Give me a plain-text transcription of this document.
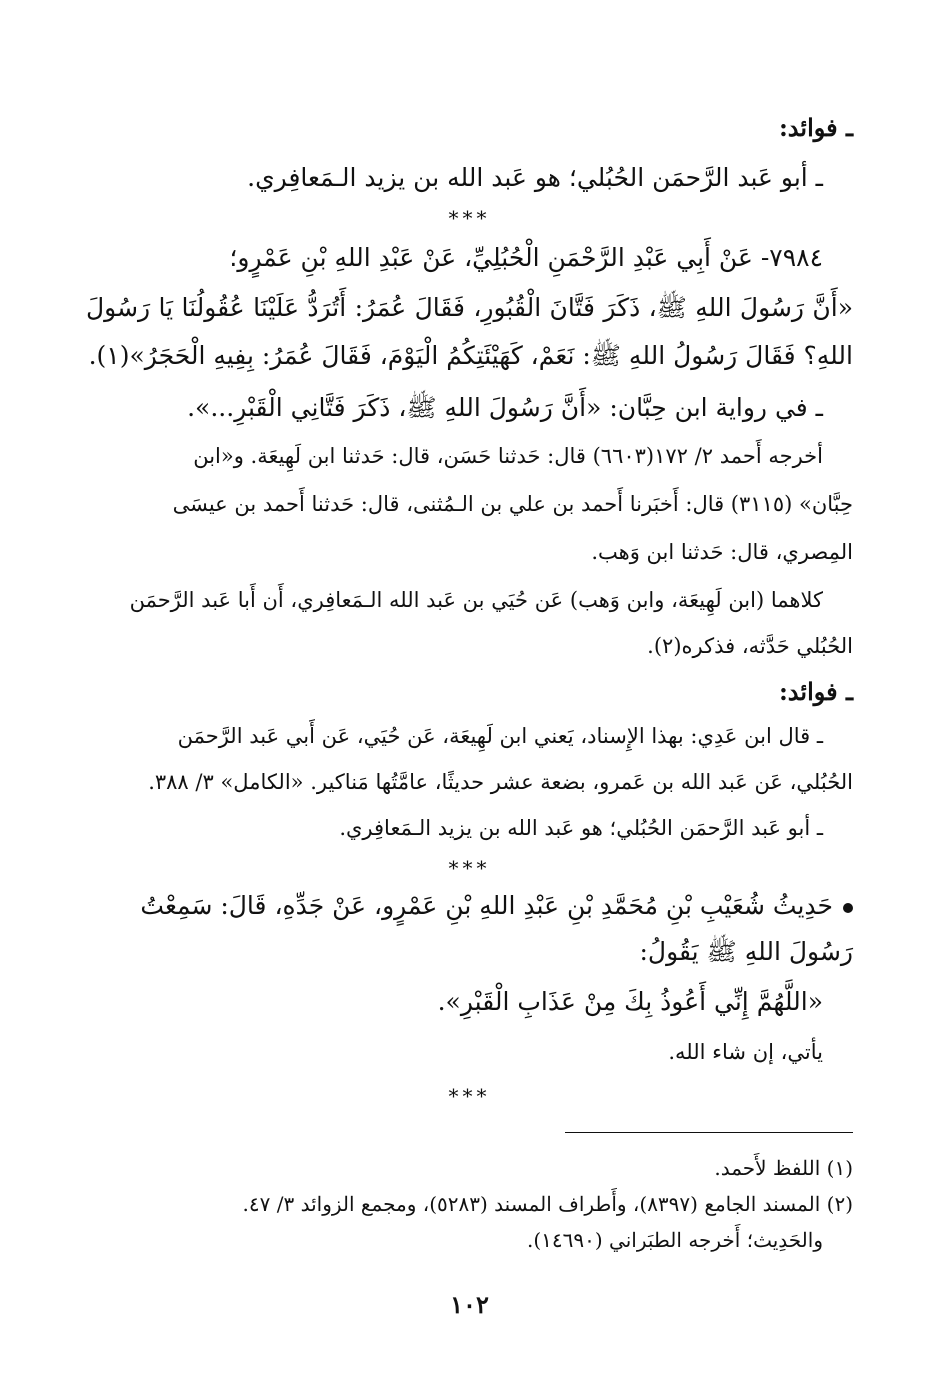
ـ فوائد:
ـ أبو عَبد الرَّحمَن الحُبُلي؛ هو عَبد الله بن يزيد الـمَعافِري.
***
٧٩٨٤- عَنْ أَبِي عَبْدِ الرَّحْمَنِ الْحُبُلِيِّ، عَنْ عَبْدِ اللهِ بْنِ عَمْرٍو؛
«أَنَّ رَسُولَ اللهِ ﷺ، ذَكَرَ فَتَّانَ الْقُبُورِ، فَقَالَ عُمَرُ: أَتُرَدُّ عَلَيْنَا عُقُولُنَا يَا رَسُولَ
اللهِ؟ فَقَالَ رَسُولُ اللهِ ﷺ: نَعَمْ، كَهَيْئَتِكُمُ الْيَوْمَ، فَقَالَ عُمَرُ: بِفِيهِ الْحَجَرُ»(١).
ـ في رواية ابن حِبَّان: «أَنَّ رَسُولَ اللهِ ﷺ، ذَكَرَ فَتَّانِي الْقَبْرِ...».
أخرجه أَحمد ٢/ ١٧٢(٦٦٠٣) قال: حَدثنا حَسَن، قال: حَدثنا ابن لَهِيعَة. و«ابن
حِبَّان» (٣١١٥) قال: أَخبَرنا أَحمد بن علي بن الـمُثنى، قال: حَدثنا أَحمد بن عيسَى
المِصري، قال: حَدثنا ابن وَهب.
كلاهما (ابن لَهِيعَة، وابن وَهب) عَن حُيَي بن عَبد الله الـمَعافِري، أَن أَبا عَبد الرَّحمَن
الحُبُلي حَدَّثه، فذكره(٢).
ـ فوائد:
ـ قال ابن عَدِي: بهذا الإِسناد، يَعني ابن لَهِيعَة، عَن حُيَي، عَن أَبي عَبد الرَّحمَن
الحُبُلي، عَن عَبد الله بن عَمرو، بضعة عشر حديثًا، عامَّتُها مَناكير. «الكامل» ٣/ ٣٨٨.
ـ أبو عَبد الرَّحمَن الحُبُلي؛ هو عَبد الله بن يزيد الـمَعافِري.
***
حَدِيثُ شُعَيْبِ بْنِ مُحَمَّدِ بْنِ عَبْدِ اللهِ بْنِ عَمْرٍو، عَنْ جَدِّهِ، قَالَ: سَمِعْتُ
رَسُولَ اللهِ ﷺ يَقُولُ:
«اللَّهُمَّ إِنِّي أَعُوذُ بِكَ مِنْ عَذَابِ الْقَبْرِ».
يأتي، إن شاء الله.
***
(١) اللفظ لأَحمد.
(٢) المسند الجامع (٨٣٩٧)، وأَطراف المسند (٥٢٨٣)، ومجمع الزوائد ٣/ ٤٧.
والحَدِيث؛ أَخرجه الطبَراني (١٤٦٩٠).
١٠٢
